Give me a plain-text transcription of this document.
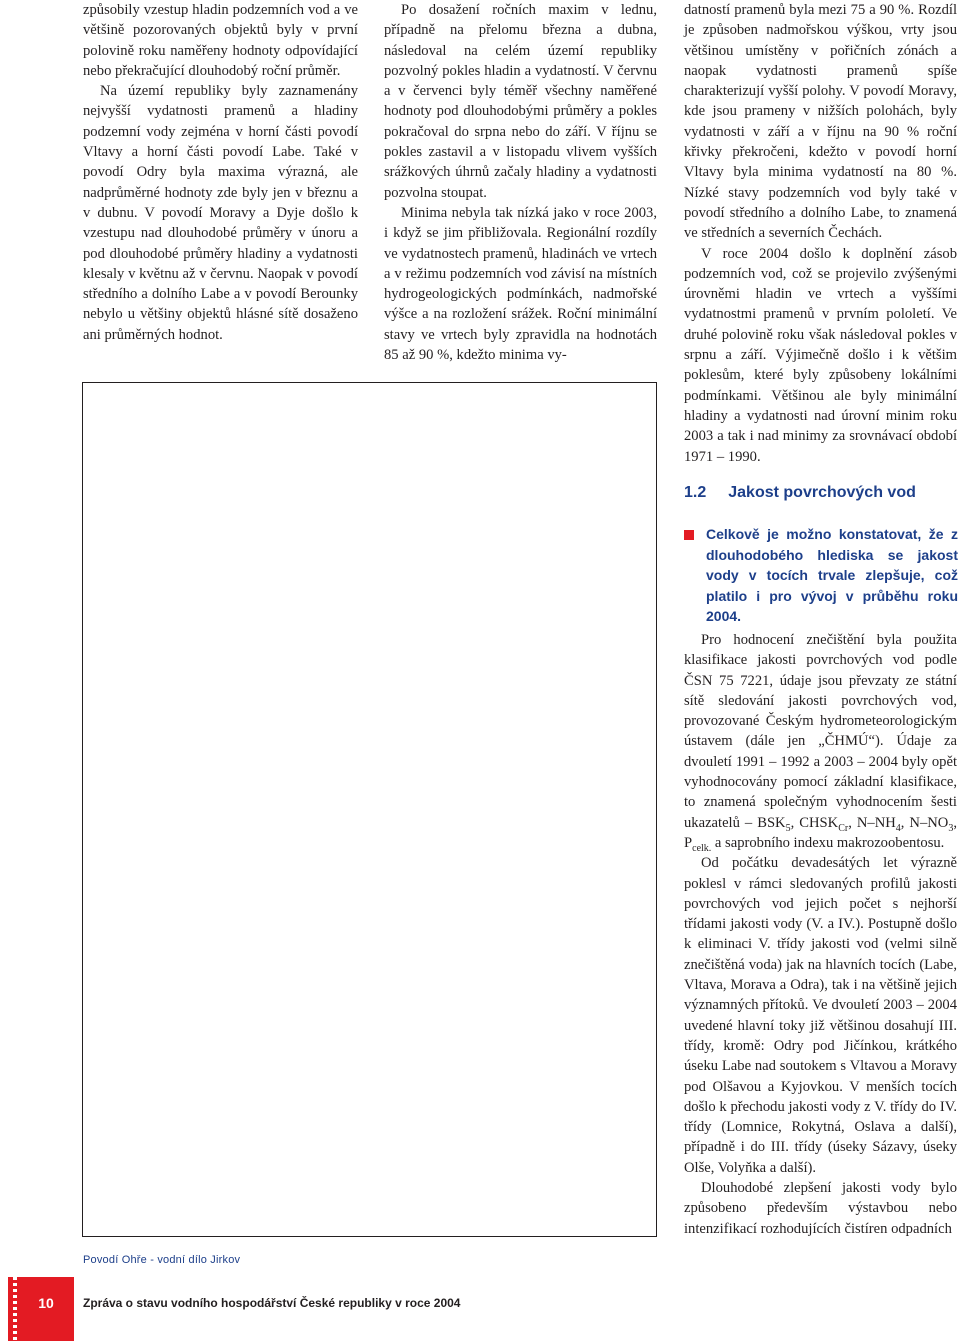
způsobily vzestup hladin podzemních vod a ve většině pozorovaných objektů byly v první polovině roku naměřeny hodnoty odpovídající nebo překračující dlouhodobý roční průměr.

Na území republiky byly zaznamenány nejvyšší vydatnosti pramenů a hladiny podzemní vody zejména v horní části povodí Vltavy a horní části povodí Labe. Také v povodí Odry byla maxima výrazná, ale nadprůměrné hodnoty zde byly jen v březnu a v dubnu. V povodí Moravy a Dyje došlo k vzestupu nad dlouhodobé průměry v únoru a pod dlouhodobé průměry hladiny a vydatnosti klesaly v květnu až v červnu. Naopak v povodí středního a dolního Labe a v povodí Berounky nebylo u většiny objektů hlásné sítě dosaženo ani průměrných hodnot.

Po dosažení ročních maxim v lednu, případně na přelomu března a dubna, následoval na celém území republiky pozvolný pokles hladin a vydatností. V červnu a v červenci byly téměř všechny naměřené hodnoty pod dlouhodobými průměry a pokles pokračoval do srpna nebo do září. V říjnu se pokles zastavil a v listopadu vlivem vyšších srážkových úhrnů začaly hladiny a vydatnosti pozvolna stoupat.

Minima nebyla tak nízká jako v roce 2003, i když se jim přibližovala. Regionální rozdíly ve vydatnostech pramenů, hladinách ve vrtech a v režimu podzemních vod závisí na místních hydrogeologických podmínkách, nadmořské výšce a na rozložení srážek. Roční minimální stavy ve vrtech byly zpravidla na hodnotách 85 až 90 %, kdežto minima vy-

datností pramenů byla mezi 75 a 90 %. Rozdíl je způsoben nadmořskou výškou, vrty jsou většinou umístěny v pořičních zónách a naopak vydatnosti pramenů spíše charakterizují vyšší polohy. V povodí Moravy, kde jsou prameny v nižších polohách, byly vydatnosti v září a v říjnu na 90 % roční křivky překročeni, kdežto v povodí horní Vltavy byla minima vydatností na 80 %. Nízké stavy podzemních vod byly také v povodí středního a dolního Labe, to znamená ve středních a severních Čechách.

V roce 2004 došlo k doplnění zásob podzemních vod, což se projevilo zvýšenými úrovněmi hladin ve vrtech a vyššími vydatnostmi pramenů v prvním pololetí. Ve druhé polovině roku však následoval pokles v srpnu a září. Výjimečně došlo i k většim poklesům, které byly způsobeny lokálními podmínkami. Většinou ale byly minimální hladiny a vydatnosti nad úrovní minim roku 2003 a tak i nad minimy za srovnávací období 1971 – 1990.

Povodí Ohře - vodní dílo Jirkov
1.2 Jakost povrchových vod
Celkově je možno konstatovat, že z dlouhodobého hlediska se jakost vody v tocích trvale zlepšuje, což platilo i pro vývoj v průběhu roku 2004.

Pro hodnocení znečištění byla použita klasifikace jakosti povrchových vod podle ČSN 75 7221, údaje jsou převzaty ze státní sítě sledování jakosti povrchových vod, provozované Českým hydrometeorologickým ústavem (dále jen „ČHMÚ“). Údaje za dvouletí 1991 – 1992 a 2003 – 2004 byly opět vyhodnocovány pomocí základní klasifikace, to znamená společným vyhodnocením šesti ukazatelů – $BSK_5$, $CHSK_{Cr}$, $N-NH_4$, $N-NO_3$, $P_{celk.}$ a saprobního indexu makrozoobentosu.

Od počátku devadesátých let výrazně poklesl v rámci sledovaných profilů jakosti povrchových vod jejich počet s nejhorší třídami jakosti vody (V. a IV.). Postupně došlo k eliminaci V. třídy jakosti vod (velmi silně znečištěná voda) jak na hlavních tocích (Labe, Vltava, Morava a Odra), tak i na většině jejich významných přítoků. Ve dvouletí 2003 – 2004 uvedené hlavní toky již většinou dosahují III. třídy, kromě: Odry pod Jičínkou, krátkého úseku Labe nad soutokem s Vltavou a Moravy pod Olšavou a Kyjovkou. V menších tocích došlo k přechodu jakosti vody z V. třídy do IV. třídy (Lomnice, Rokytná, Oslava a další), případně i do III. třídy (úseky Sázavy, úseky Olše, Volyňka a další).

Dlouhodobé zlepšení jakosti vody bylo způsobeno především výstavbou nebo intenzifikací rozhodujících čistíren odpadních

10	Zpráva o stavu vodního hospodářství České republiky v roce 2004
